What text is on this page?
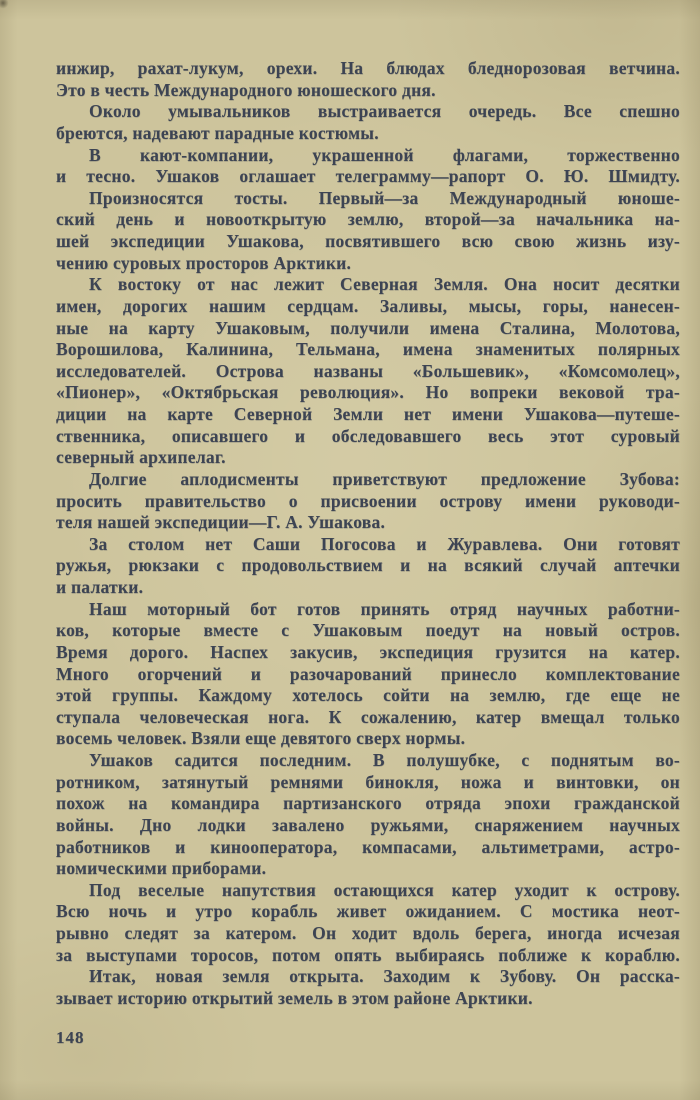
инжир, рахат-лукум, орехи. На блюдах бледнорозовая ветчина.
Это в честь Международного юношеского дня.
Около умывальников выстраивается очередь. Все спешно
бреются, надевают парадные костюмы.
В кают-компании, украшенной флагами, торжественно
и тесно. Ушаков оглашает телеграмму—рапорт О. Ю. Шмидту.
Произносятся тосты. Первый—за Международный юноше-
ский день и новооткрытую землю, второй—за начальника на-
шей экспедиции Ушакова, посвятившего всю свою жизнь изу-
чению суровых просторов Арктики.
К востоку от нас лежит Северная Земля. Она носит десятки
имен, дорогих нашим сердцам. Заливы, мысы, горы, нанесен-
ные на карту Ушаковым, получили имена Сталина, Молотова,
Ворошилова, Калинина, Тельмана, имена знаменитых полярных
исследователей. Острова названы «Большевик», «Комсомолец»,
«Пионер», «Октябрьская революция». Но вопреки вековой тра-
диции на карте Северной Земли нет имени Ушакова—путеше-
ственника, описавшего и обследовавшего весь этот суровый
северный архипелаг.
Долгие аплодисменты приветствуют предложение Зубова:
просить правительство о присвоении острову имени руководи-
теля нашей экспедиции—Г. А. Ушакова.
За столом нет Саши Погосова и Журавлева. Они готовят
ружья, рюкзаки с продовольствием и на всякий случай аптечки
и палатки.
Наш моторный бот готов принять отряд научных работни-
ков, которые вместе с Ушаковым поедут на новый остров.
Время дорого. Наспех закусив, экспедиция грузится на катер.
Много огорчений и разочарований принесло комплектование
этой группы. Каждому хотелось сойти на землю, где еще не
ступала человеческая нога. К сожалению, катер вмещал только
восемь человек. Взяли еще девятого сверх нормы.
Ушаков садится последним. В полушубке, с поднятым во-
ротником, затянутый ремнями бинокля, ножа и винтовки, он
похож на командира партизанского отряда эпохи гражданской
войны. Дно лодки завалено ружьями, снаряжением научных
работников и кинооператора, компасами, альтиметрами, астро-
номическими приборами.
Под веселые напутствия остающихся катер уходит к острову.
Всю ночь и утро корабль живет ожиданием. С мостика неот-
рывно следят за катером. Он ходит вдоль берега, иногда исчезая
за выступами торосов, потом опять выбираясь поближе к кораблю.
Итак, новая земля открыта. Заходим к Зубову. Он расска-
зывает историю открытий земель в этом районе Арктики.
148
